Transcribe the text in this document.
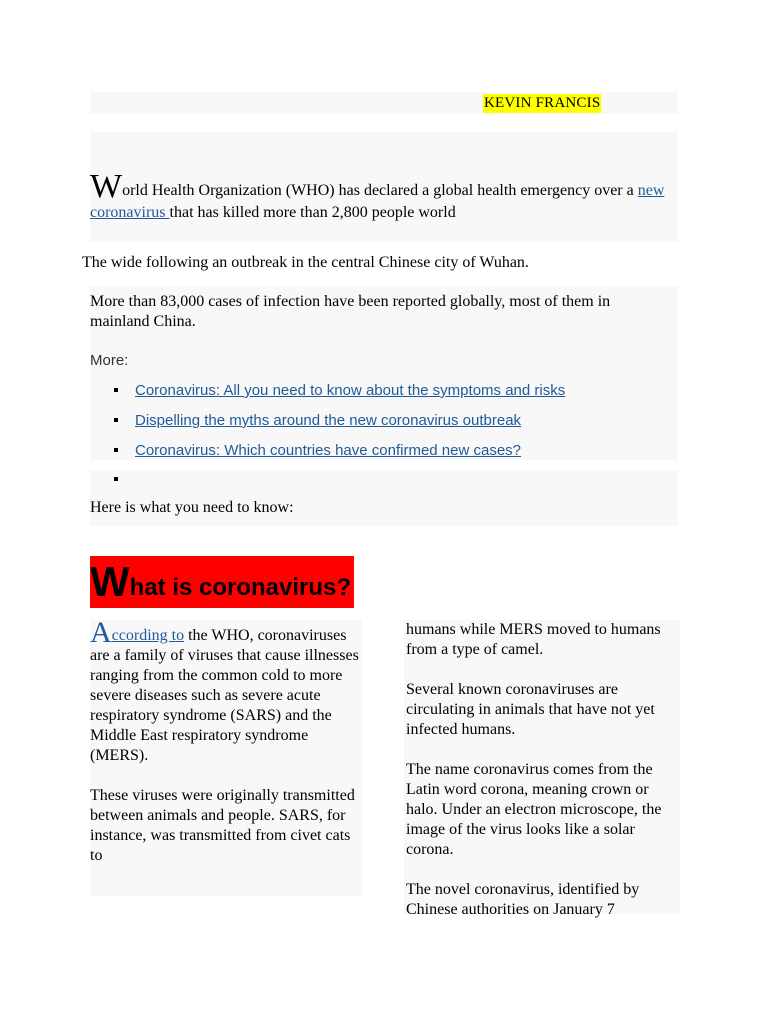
KEVIN FRANCIS
World Health Organization (WHO) has declared a global health emergency over a new coronavirus that has killed more than 2,800 people world
The wide following an outbreak in the central Chinese city of Wuhan.
More than 83,000 cases of infection have been reported globally, most of them in mainland China.
More:
Coronavirus: All you need to know about the symptoms and risks
Dispelling the myths around the new coronavirus outbreak
Coronavirus: Which countries have confirmed new cases?
Here is what you need to know:
What is coronavirus?

According to the WHO, coronaviruses are a family of viruses that cause illnesses ranging from the common cold to more severe diseases such as severe acute respiratory syndrome (SARS) and the Middle East respiratory syndrome (MERS).

These viruses were originally transmitted between animals and people. SARS, for instance, was transmitted from civet cats to

humans while MERS moved to humans from a type of camel.

Several known coronaviruses are circulating in animals that have not yet infected humans.

The name coronavirus comes from the Latin word corona, meaning crown or halo. Under an electron microscope, the image of the virus looks like a solar corona.

The novel coronavirus, identified by Chinese authorities on January 7
